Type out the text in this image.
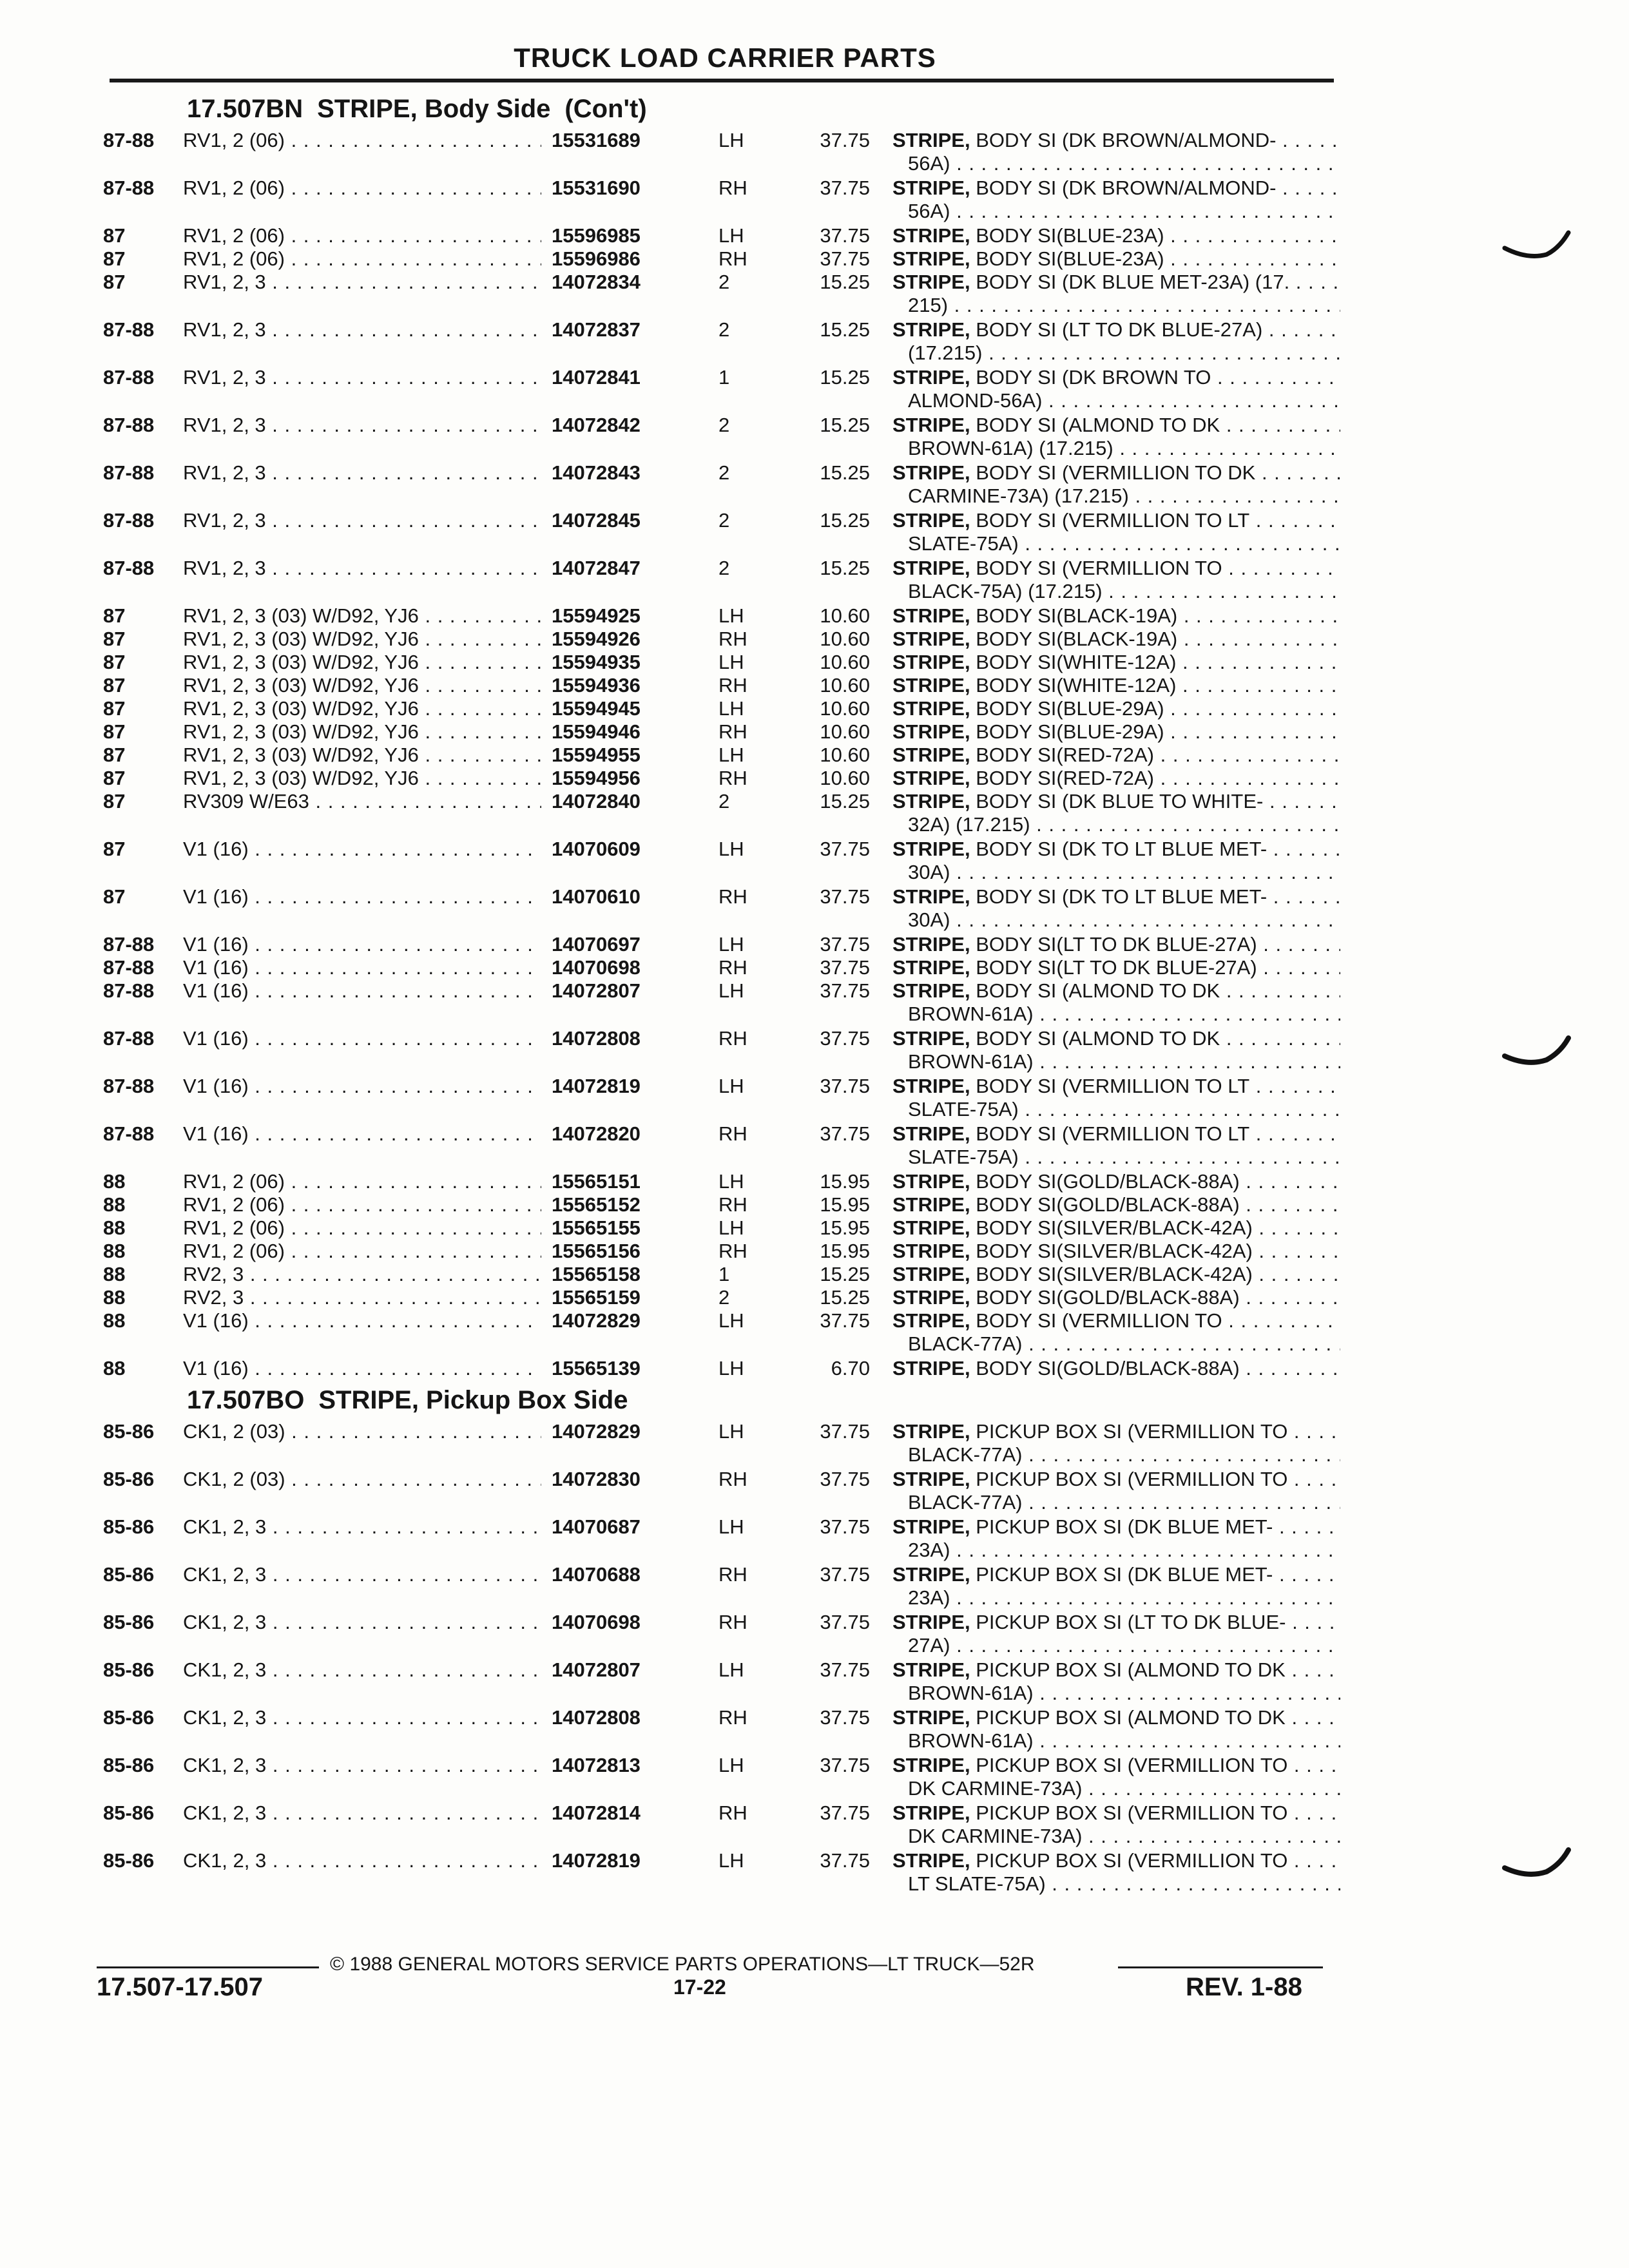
TRUCK LOAD CARRIER PARTS
17.507BN STRIPE, Body Side (Con't)
87-88 RV1, 2 (06) . . .	15531689	LH	37.75 STRIPE, BODY SI (DK BROWN/ALMOND- . . .
56A) . . .
87-88 RV1, 2 (06) . . .	15531690	RH	37.75 STRIPE, BODY SI (DK BROWN/ALMOND- . . .
56A) . . .
87	RV1, 2 (06) . . .	15596985	LH	37.75 STRIPE, BODY SI(BLUE-23A) . . .
87	RV1, 2 (06) . . .	15596986	RH	37.75 STRIPE, BODY SI(BLUE-23A) . . .
87	RV1, 2, 3 . . .	14072834	2	15.25 STRIPE, BODY SI (DK BLUE MET-23A) (17. . . .
215) . . .
87-88 RV1, 2, 3 . . .	14072837	2	15.25 STRIPE, BODY SI (LT TO DK BLUE-27A) . . .
(17.215) . . .
87-88 RV1, 2, 3 . . .	14072841	1	15.25 STRIPE, BODY SI (DK BROWN TO . . .
ALMOND-56A) . . .
87-88 RV1, 2, 3 . . .	14072842	2	15.25 STRIPE, BODY SI (ALMOND TO DK . . .
BROWN-61A) (17.215) . . .
87-88 RV1, 2, 3 . . .	14072843	2	15.25 STRIPE, BODY SI (VERMILLION TO DK . . .
CARMINE-73A) (17.215) . . .
87-88 RV1, 2, 3 . . .	14072845	2	15.25 STRIPE, BODY SI (VERMILLION TO LT . . .
SLATE-75A) . . .
87-88 RV1, 2, 3 . . .	14072847	2	15.25 STRIPE, BODY SI (VERMILLION TO . . .
BLACK-75A) (17.215) . . .
87	RV1, 2, 3 (03) W/D92, YJ6 . . .	15594925	LH	10.60 STRIPE, BODY SI(BLACK-19A) . . .
87	RV1, 2, 3 (03) W/D92, YJ6 . . .	15594926	RH	10.60 STRIPE, BODY SI(BLACK-19A) . . .
87	RV1, 2, 3 (03) W/D92, YJ6 . . .	15594935	LH	10.60 STRIPE, BODY SI(WHITE-12A) . . .
87	RV1, 2, 3 (03) W/D92, YJ6 . . .	15594936	RH	10.60 STRIPE, BODY SI(WHITE-12A) . . .
87	RV1, 2, 3 (03) W/D92, YJ6 . . .	15594945	LH	10.60 STRIPE, BODY SI(BLUE-29A) . . .
87	RV1, 2, 3 (03) W/D92, YJ6 . . .	15594946	RH	10.60 STRIPE, BODY SI(BLUE-29A) . . .
87	RV1, 2, 3 (03) W/D92, YJ6 . . .	15594955	LH	10.60 STRIPE, BODY SI(RED-72A) . . .
87	RV1, 2, 3 (03) W/D92, YJ6 . . .	15594956	RH	10.60 STRIPE, BODY SI(RED-72A) . . .
87	RV309 W/E63 . . .	14072840	2	15.25 STRIPE, BODY SI (DK BLUE TO WHITE- . . .
32A) (17.215) . . .
87	V1 (16) . . .	14070609	LH	37.75 STRIPE, BODY SI (DK TO LT BLUE MET- . . .
30A) . . .
87	V1 (16) . . .	14070610	RH	37.75 STRIPE, BODY SI (DK TO LT BLUE MET- . . .
30A) . . .
87-88 V1 (16) . . .	14070697	LH	37.75 STRIPE, BODY SI(LT TO DK BLUE-27A) . . .
87-88 V1 (16) . . .	14070698	RH	37.75 STRIPE, BODY SI(LT TO DK BLUE-27A) . . .
87-88 V1 (16) . . .	14072807	LH	37.75 STRIPE, BODY SI (ALMOND TO DK . . .
BROWN-61A) . . .
87-88 V1 (16) . . .	14072808	RH	37.75 STRIPE, BODY SI (ALMOND TO DK . . .
BROWN-61A) . . .
87-88 V1 (16) . . .	14072819	LH	37.75 STRIPE, BODY SI (VERMILLION TO LT . . .
SLATE-75A) . . .
87-88 V1 (16) . . .	14072820	RH	37.75 STRIPE, BODY SI (VERMILLION TO LT . . .
SLATE-75A) . . .
88	RV1, 2 (06) . . .	15565151	LH	15.95 STRIPE, BODY SI(GOLD/BLACK-88A) . . .
88	RV1, 2 (06) . . .	15565152	RH	15.95 STRIPE, BODY SI(GOLD/BLACK-88A) . . .
88	RV1, 2 (06) . . .	15565155	LH	15.95 STRIPE, BODY SI(SILVER/BLACK-42A) . . .
88	RV1, 2 (06) . . .	15565156	RH	15.95 STRIPE, BODY SI(SILVER/BLACK-42A) . . .
88	RV2, 3 . . .	15565158	1	15.25 STRIPE, BODY SI(SILVER/BLACK-42A) . . .
88	RV2, 3 . . .	15565159	2	15.25 STRIPE, BODY SI(GOLD/BLACK-88A) . . .
88	V1 (16) . . .	14072829	LH	37.75 STRIPE, BODY SI (VERMILLION TO . . .
BLACK-77A) . . .
88	V1 (16) . . .	15565139	LH	6.70 STRIPE, BODY SI(GOLD/BLACK-88A) . . .
17.507BO STRIPE, Pickup Box Side
85-86 CK1, 2 (03) . . .	14072829	LH	37.75 STRIPE, PICKUP BOX SI (VERMILLION TO . . .
BLACK-77A) . . .
85-86 CK1, 2 (03) . . .	14072830	RH	37.75 STRIPE, PICKUP BOX SI (VERMILLION TO . . .
BLACK-77A) . . .
85-86 CK1, 2, 3 . . .	14070687	LH	37.75 STRIPE, PICKUP BOX SI (DK BLUE MET- . . .
23A) . . .
85-86 CK1, 2, 3 . . .	14070688	RH	37.75 STRIPE, PICKUP BOX SI (DK BLUE MET- . . .
23A) . . .
85-86 CK1, 2, 3 . . .	14070698	RH	37.75 STRIPE, PICKUP BOX SI (LT TO DK BLUE- . . .
27A) . . .
85-86 CK1, 2, 3 . . .	14072807	LH	37.75 STRIPE, PICKUP BOX SI (ALMOND TO DK . . .
BROWN-61A) . . .
85-86 CK1, 2, 3 . . .	14072808	RH	37.75 STRIPE, PICKUP BOX SI (ALMOND TO DK . . .
BROWN-61A) . . .
85-86 CK1, 2, 3 . . .	14072813	LH	37.75 STRIPE, PICKUP BOX SI (VERMILLION TO . . .
DK CARMINE-73A) . . .
85-86 CK1, 2, 3 . . .	14072814	RH	37.75 STRIPE, PICKUP BOX SI (VERMILLION TO . . .
DK CARMINE-73A) . . .
85-86 CK1, 2, 3 . . .	14072819	LH	37.75 STRIPE, PICKUP BOX SI (VERMILLION TO . . .
LT SLATE-75A) . . .
© 1988 GENERAL MOTORS SERVICE PARTS OPERATIONS—LT TRUCK—52R
17.507-17.507	17-22	REV. 1-88
